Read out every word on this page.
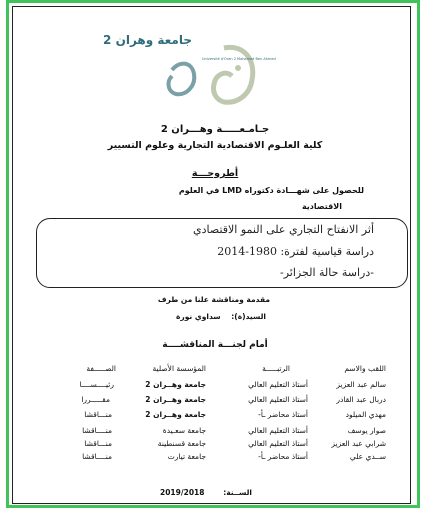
جامعة وهران 2
Université d'Oran 2 Mohamed Ben Ahmed
جـامـعـــــة وهـــران 2
كلية العلـوم الاقتصادية التجارية وعلوم التسيير
أطروحـــة
للحصول على شهـــادة دكتوراه LMD في العلوم
الاقتصادية
أثر الانفتاح التجاري على النمو الاقتصادي
دراسة قياسية لفترة: 1980-2014
-دراسة حالة الجزائر-
مقدمة ومناقشة علنا من طرف
السيد(ة): سداوي نورة
أمام لجنـــة المناقشــــة
اللقب والاسم
الرتبـــــة
المؤسسة الأصلية
الصـــــفة
سالم عبد العزيز
أستاذ التعليم العالي
جامعة وهــران 2
رئيــــســــا
دربال عبد القادر
أستاذ التعليم العالي
جامعة وهــران 2
مقـــــررا
مهدي الميلود
أستاذ محاضر ـأ-
جامعة وهــران 2
منـــاقشا
صوار يوسف
أستاذ التعليم العالي
جامعة سعـيدة
منــــاقشا
شرابي عبد العزيز
أستاذ التعليم العالي
جامعة قسنطينة
منـــاقشا
ســدي علي
أستاذ محاضر ـأ-
جامعة تيارت
منــــاقشا
الســنة:
2019/2018
